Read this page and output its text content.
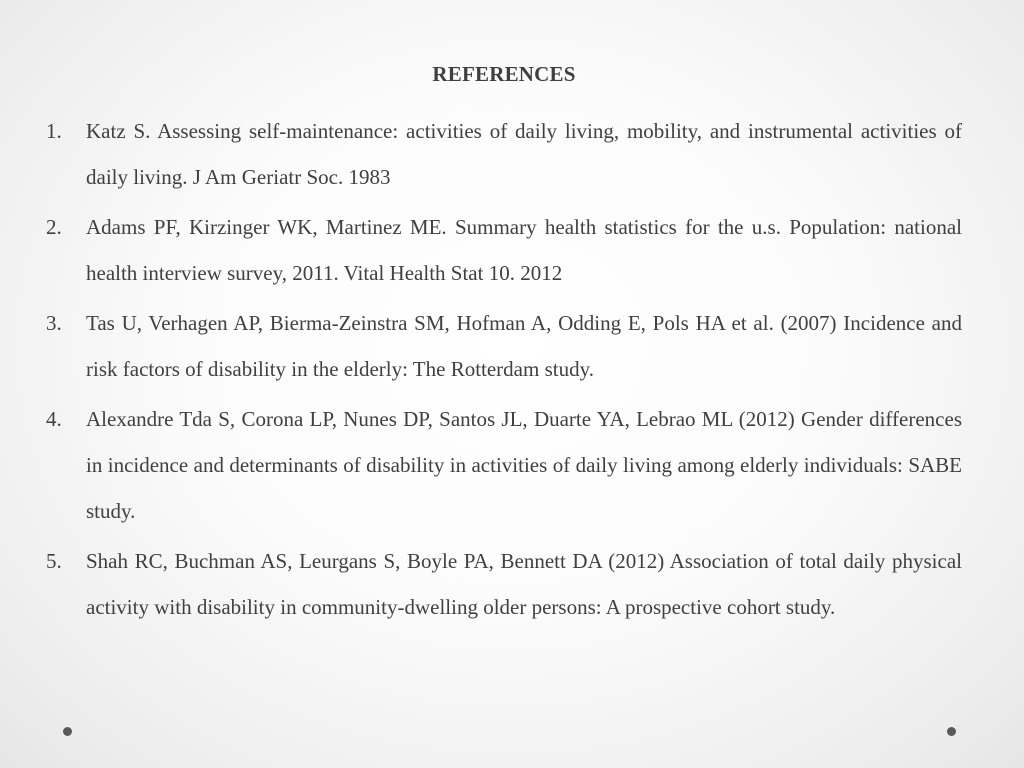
REFERENCES
1.	Katz S. Assessing self-maintenance: activities of daily living, mobility, and instrumental activities of daily living. J Am Geriatr Soc. 1983
2.	Adams PF, Kirzinger WK, Martinez ME. Summary health statistics for the u.s. Population: national health interview survey, 2011. Vital Health Stat 10. 2012
3.	Tas U, Verhagen AP, Bierma-Zeinstra SM, Hofman A, Odding E, Pols HA et al. (2007) Incidence and risk factors of disability in the elderly: The Rotterdam study.
4.	Alexandre Tda S, Corona LP, Nunes DP, Santos JL, Duarte YA, Lebrao ML (2012) Gender differences in incidence and determinants of disability in activities of daily living among elderly individuals: SABE study.
5.	Shah RC, Buchman AS, Leurgans S, Boyle PA, Bennett DA (2012) Association of total daily physical activity with disability in community-dwelling older persons: A prospective cohort study.
